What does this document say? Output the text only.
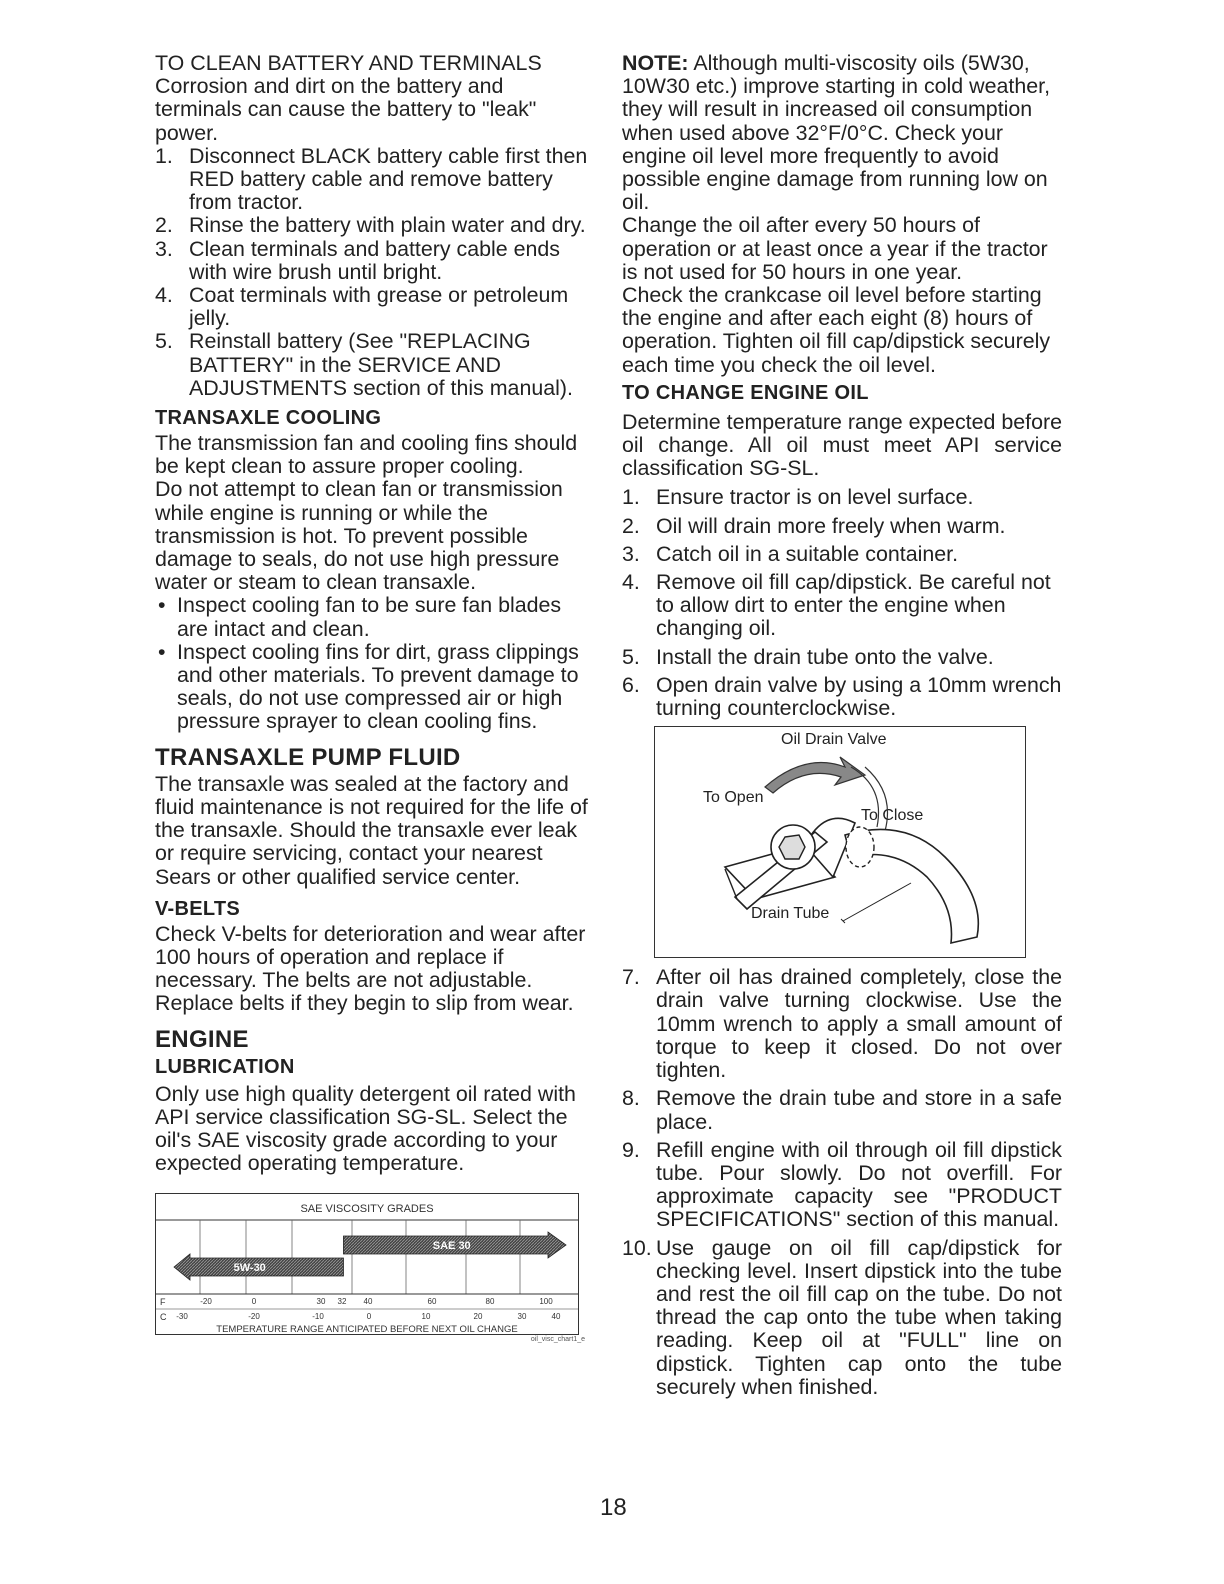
TO CLEAN BATTERY AND TERMINALS
Corrosion and dirt on the battery and terminals can cause the battery to "leak" power.
1. Disconnect BLACK battery cable first then RED battery cable and remove battery from tractor.
2. Rinse the battery with plain water and dry.
3. Clean terminals and battery cable ends with wire brush until bright.
4. Coat terminals with grease or petroleum jelly.
5. Reinstall battery (See "REPLACING BATTERY" in the SERVICE AND ADJUSTMENTS section of this manual).
TRANSAXLE COOLING
The transmission fan and cooling fins should be kept clean to assure proper cooling.
Do not attempt to clean fan or transmission while engine is running or while the transmission is hot. To prevent possible damage to seals, do not use high pressure water or steam to clean transaxle.
• Inspect cooling fan to be sure fan blades are intact and clean.
• Inspect cooling fins for dirt, grass clippings and other materials. To prevent damage to seals, do not use compressed air or high pressure sprayer to clean cooling fins.
TRANSAXLE PUMP FLUID
The transaxle was sealed at the factory and fluid maintenance is not required for the life of the transaxle. Should the transaxle ever leak or require servicing, contact your nearest Sears or other qualified service center.
V-BELTS
Check V-belts for deterioration and wear after 100 hours of operation and replace if necessary. The belts are not adjustable. Replace belts if they begin to slip from wear.
ENGINE
LUBRICATION
Only use high quality detergent oil rated with API service classification SG-SL. Select the oil's SAE viscosity grade according to your expected operating temperature.
SAE VISCOSITY GRADES
5W-30
SAE 30
F
C
-20	0	30 32 40	60	80	100
-30	-20	-10	0	10	20	30	40
TEMPERATURE RANGE ANTICIPATED BEFORE NEXT OIL CHANGE
oil_visc_chart1_e
NOTE: Although multi-viscosity oils (5W30, 10W30 etc.) improve starting in cold weather, they will result in increased oil consumption when used above 32°F/0°C. Check your engine oil level more frequently to avoid possible engine damage from running low on oil.
Change the oil after every 50 hours of operation or at least once a year if the tractor is not used for 50 hours in one year.
Check the crankcase oil level before starting the engine and after each eight (8) hours of operation. Tighten oil fill cap/dipstick securely each time you check the oil level.
TO CHANGE ENGINE OIL
Determine temperature range expected before oil change. All oil must meet API service classification SG-SL.
1. Ensure tractor is on level surface.
2. Oil will drain more freely when warm.
3. Catch oil in a suitable container.
4. Remove oil fill cap/dipstick. Be careful not to allow dirt to enter the engine when changing oil.
5. Install the drain tube onto the valve.
6. Open drain valve by using a 10mm wrench turning counterclockwise.
Oil Drain Valve
To Open
To Close
Drain Tube
7. After oil has drained completely, close the drain valve turning clockwise. Use the 10mm wrench to apply a small amount of torque to keep it closed. Do not over tighten.
8. Remove the drain tube and store in a safe place.
9. Refill engine with oil through oil fill dipstick tube. Pour slowly. Do not overfill. For approximate capacity see "PRODUCT SPECIFICATIONS" section of this manual.
10. Use gauge on oil fill cap/dipstick for checking level. Insert dipstick into the tube and rest the oil fill cap on the tube. Do not thread the cap onto the tube when taking reading. Keep oil at "FULL" line on dipstick. Tighten cap onto the tube securely when finished.
18
